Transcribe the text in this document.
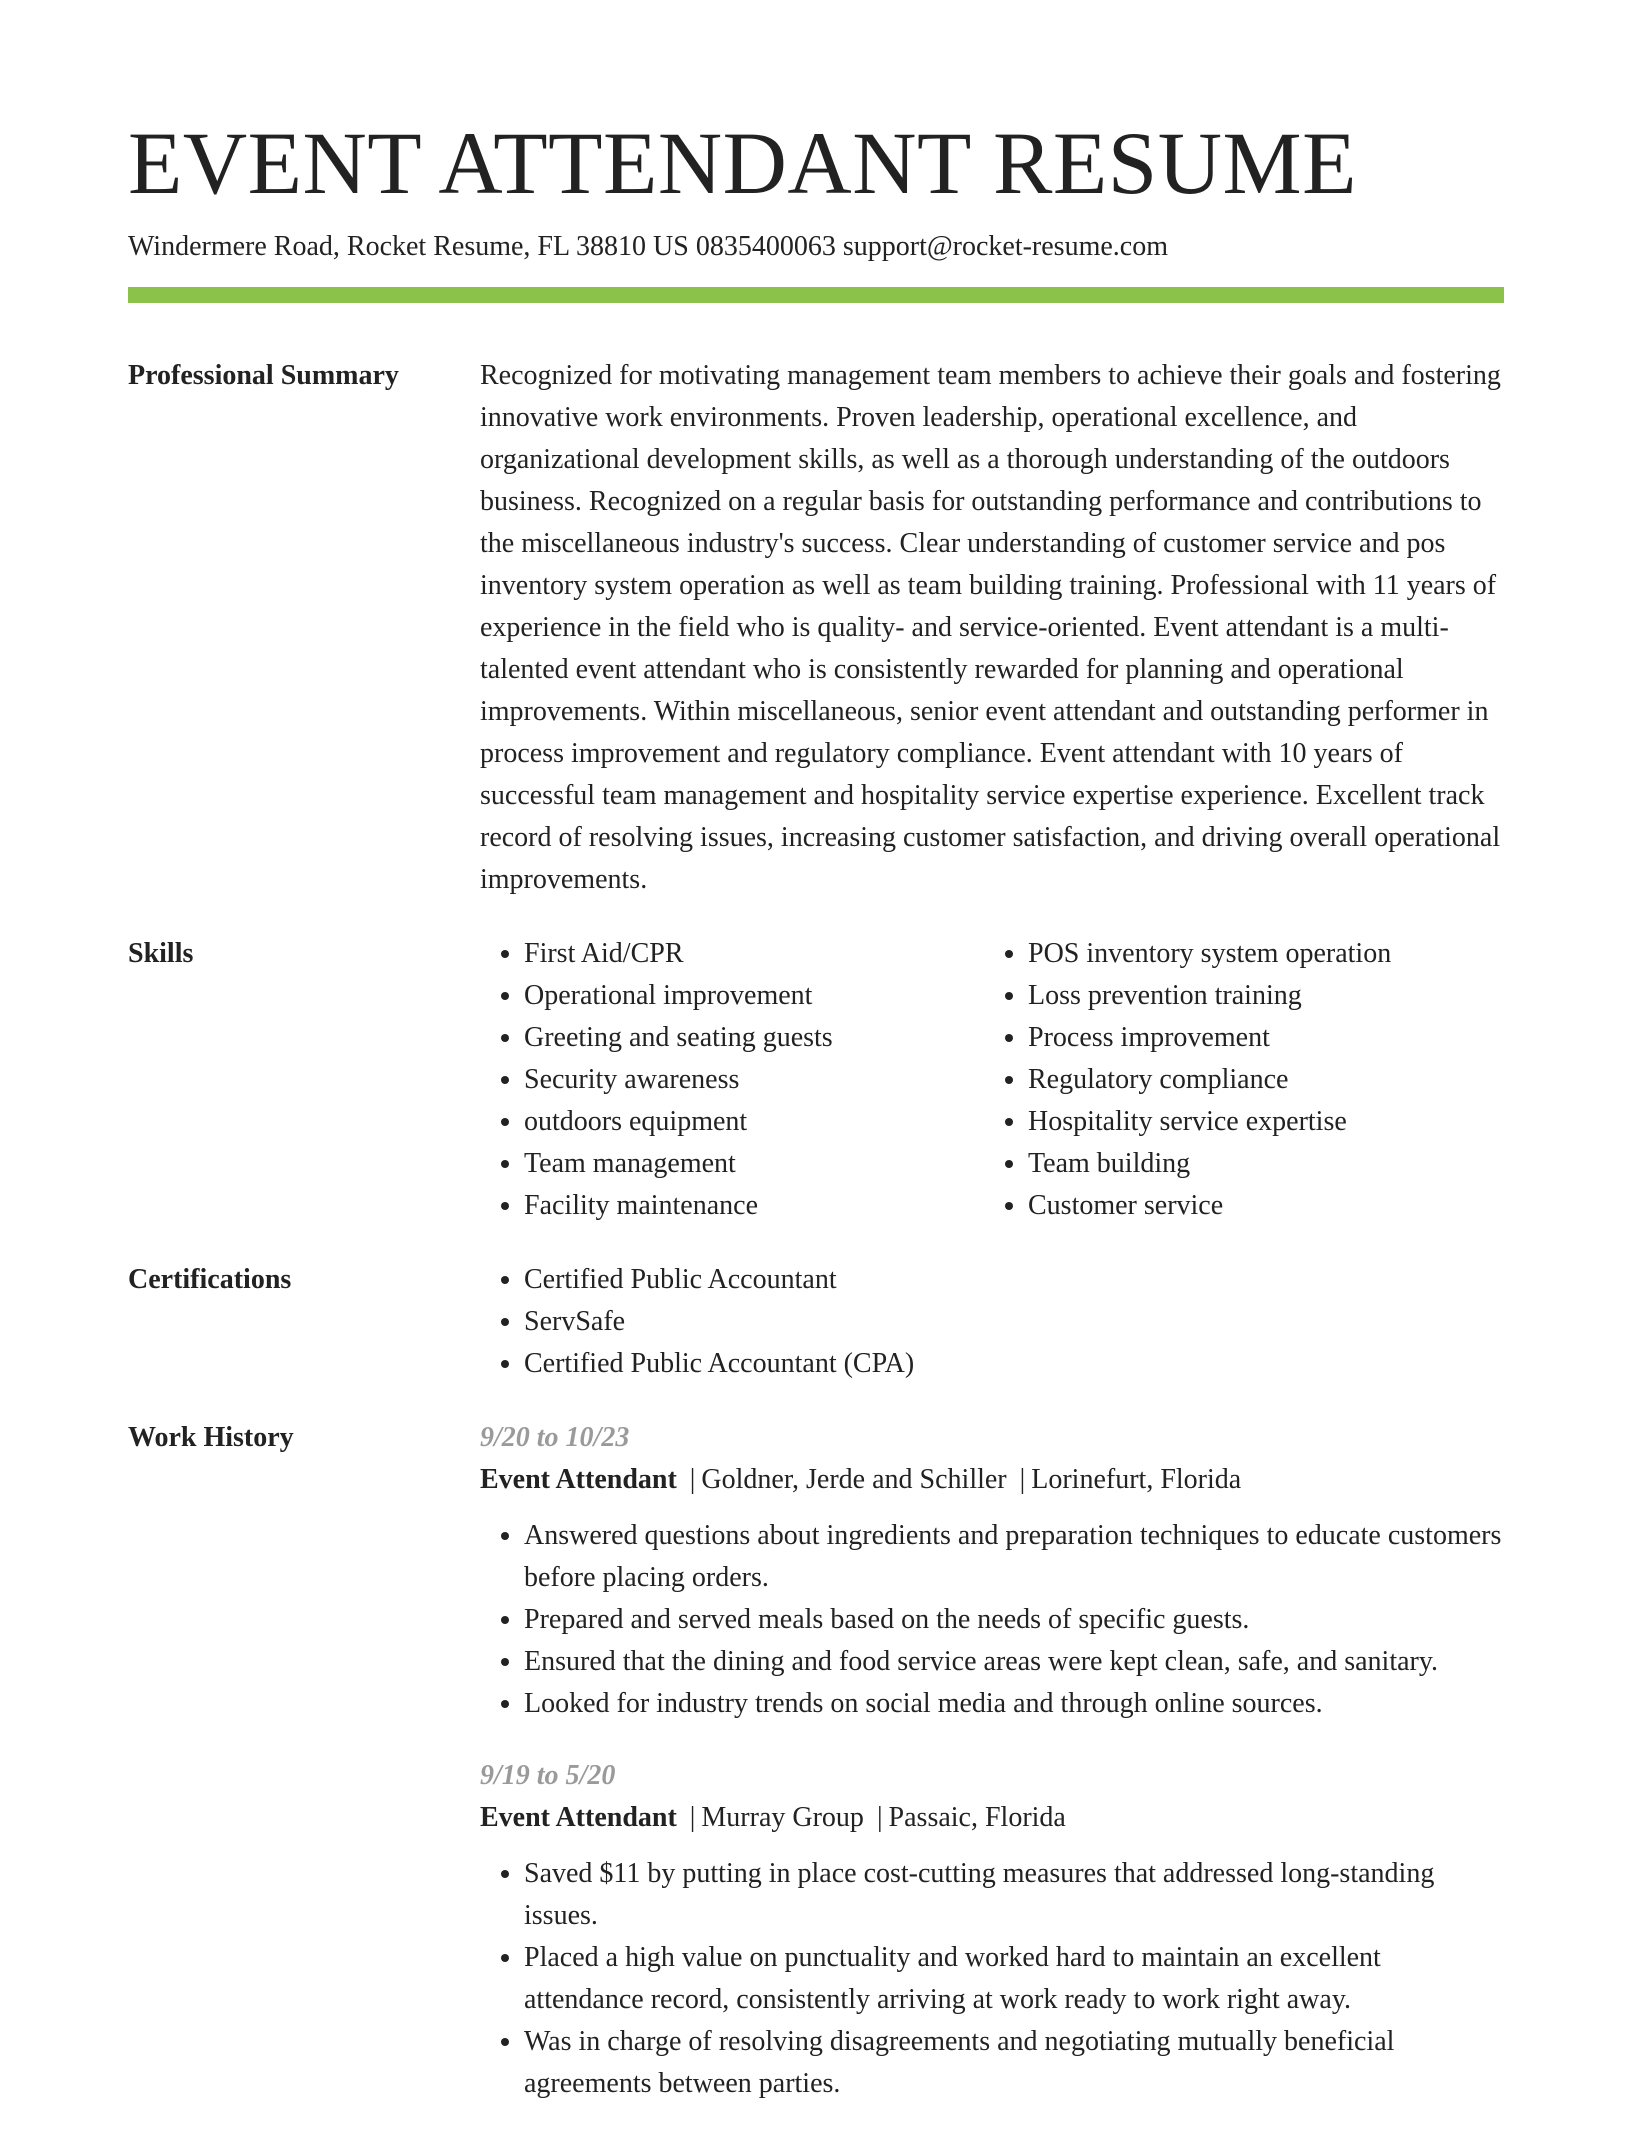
EVENT ATTENDANT RESUME
Windermere Road, Rocket Resume, FL 38810 US 0835400063 support@rocket-resume.com
Professional Summary	Recognized for motivating management team members to achieve their goals and fostering innovative work environments. Proven leadership, operational excellence, and organizational development skills, as well as a thorough understanding of the outdoors business. Recognized on a regular basis for outstanding performance and contributions to the miscellaneous industry's success. Clear understanding of customer service and pos inventory system operation as well as team building training. Professional with 11 years of experience in the field who is quality- and service-oriented. Event attendant is a multi-talented event attendant who is consistently rewarded for planning and operational improvements. Within miscellaneous, senior event attendant and outstanding performer in process improvement and regulatory compliance. Event attendant with 10 years of successful team management and hospitality service expertise experience. Excellent track record of resolving issues, increasing customer satisfaction, and driving overall operational improvements.

Skills	• First Aid/CPR
• Operational improvement
• Greeting and seating guests
• Security awareness
• outdoors equipment
• Team management
• Facility maintenance
• POS inventory system operation
• Loss prevention training
• Process improvement
• Regulatory compliance
• Hospitality service expertise
• Team building
• Customer service
Certifications	• Certified Public Accountant
• ServSafe
• Certified Public Accountant (CPA)
Work History	9/20 to 10/23
Event Attendant | Goldner, Jerde and Schiller | Lorinefurt, Florida
• Answered questions about ingredients and preparation techniques to educate customers before placing orders.
• Prepared and served meals based on the needs of specific guests.
• Ensured that the dining and food service areas were kept clean, safe, and sanitary.
• Looked for industry trends on social media and through online sources.
9/19 to 5/20
Event Attendant | Murray Group | Passaic, Florida
• Saved $11 by putting in place cost-cutting measures that addressed long-standing issues.
• Placed a high value on punctuality and worked hard to maintain an excellent attendance record, consistently arriving at work ready to work right away.
• Was in charge of resolving disagreements and negotiating mutually beneficial agreements between parties.
